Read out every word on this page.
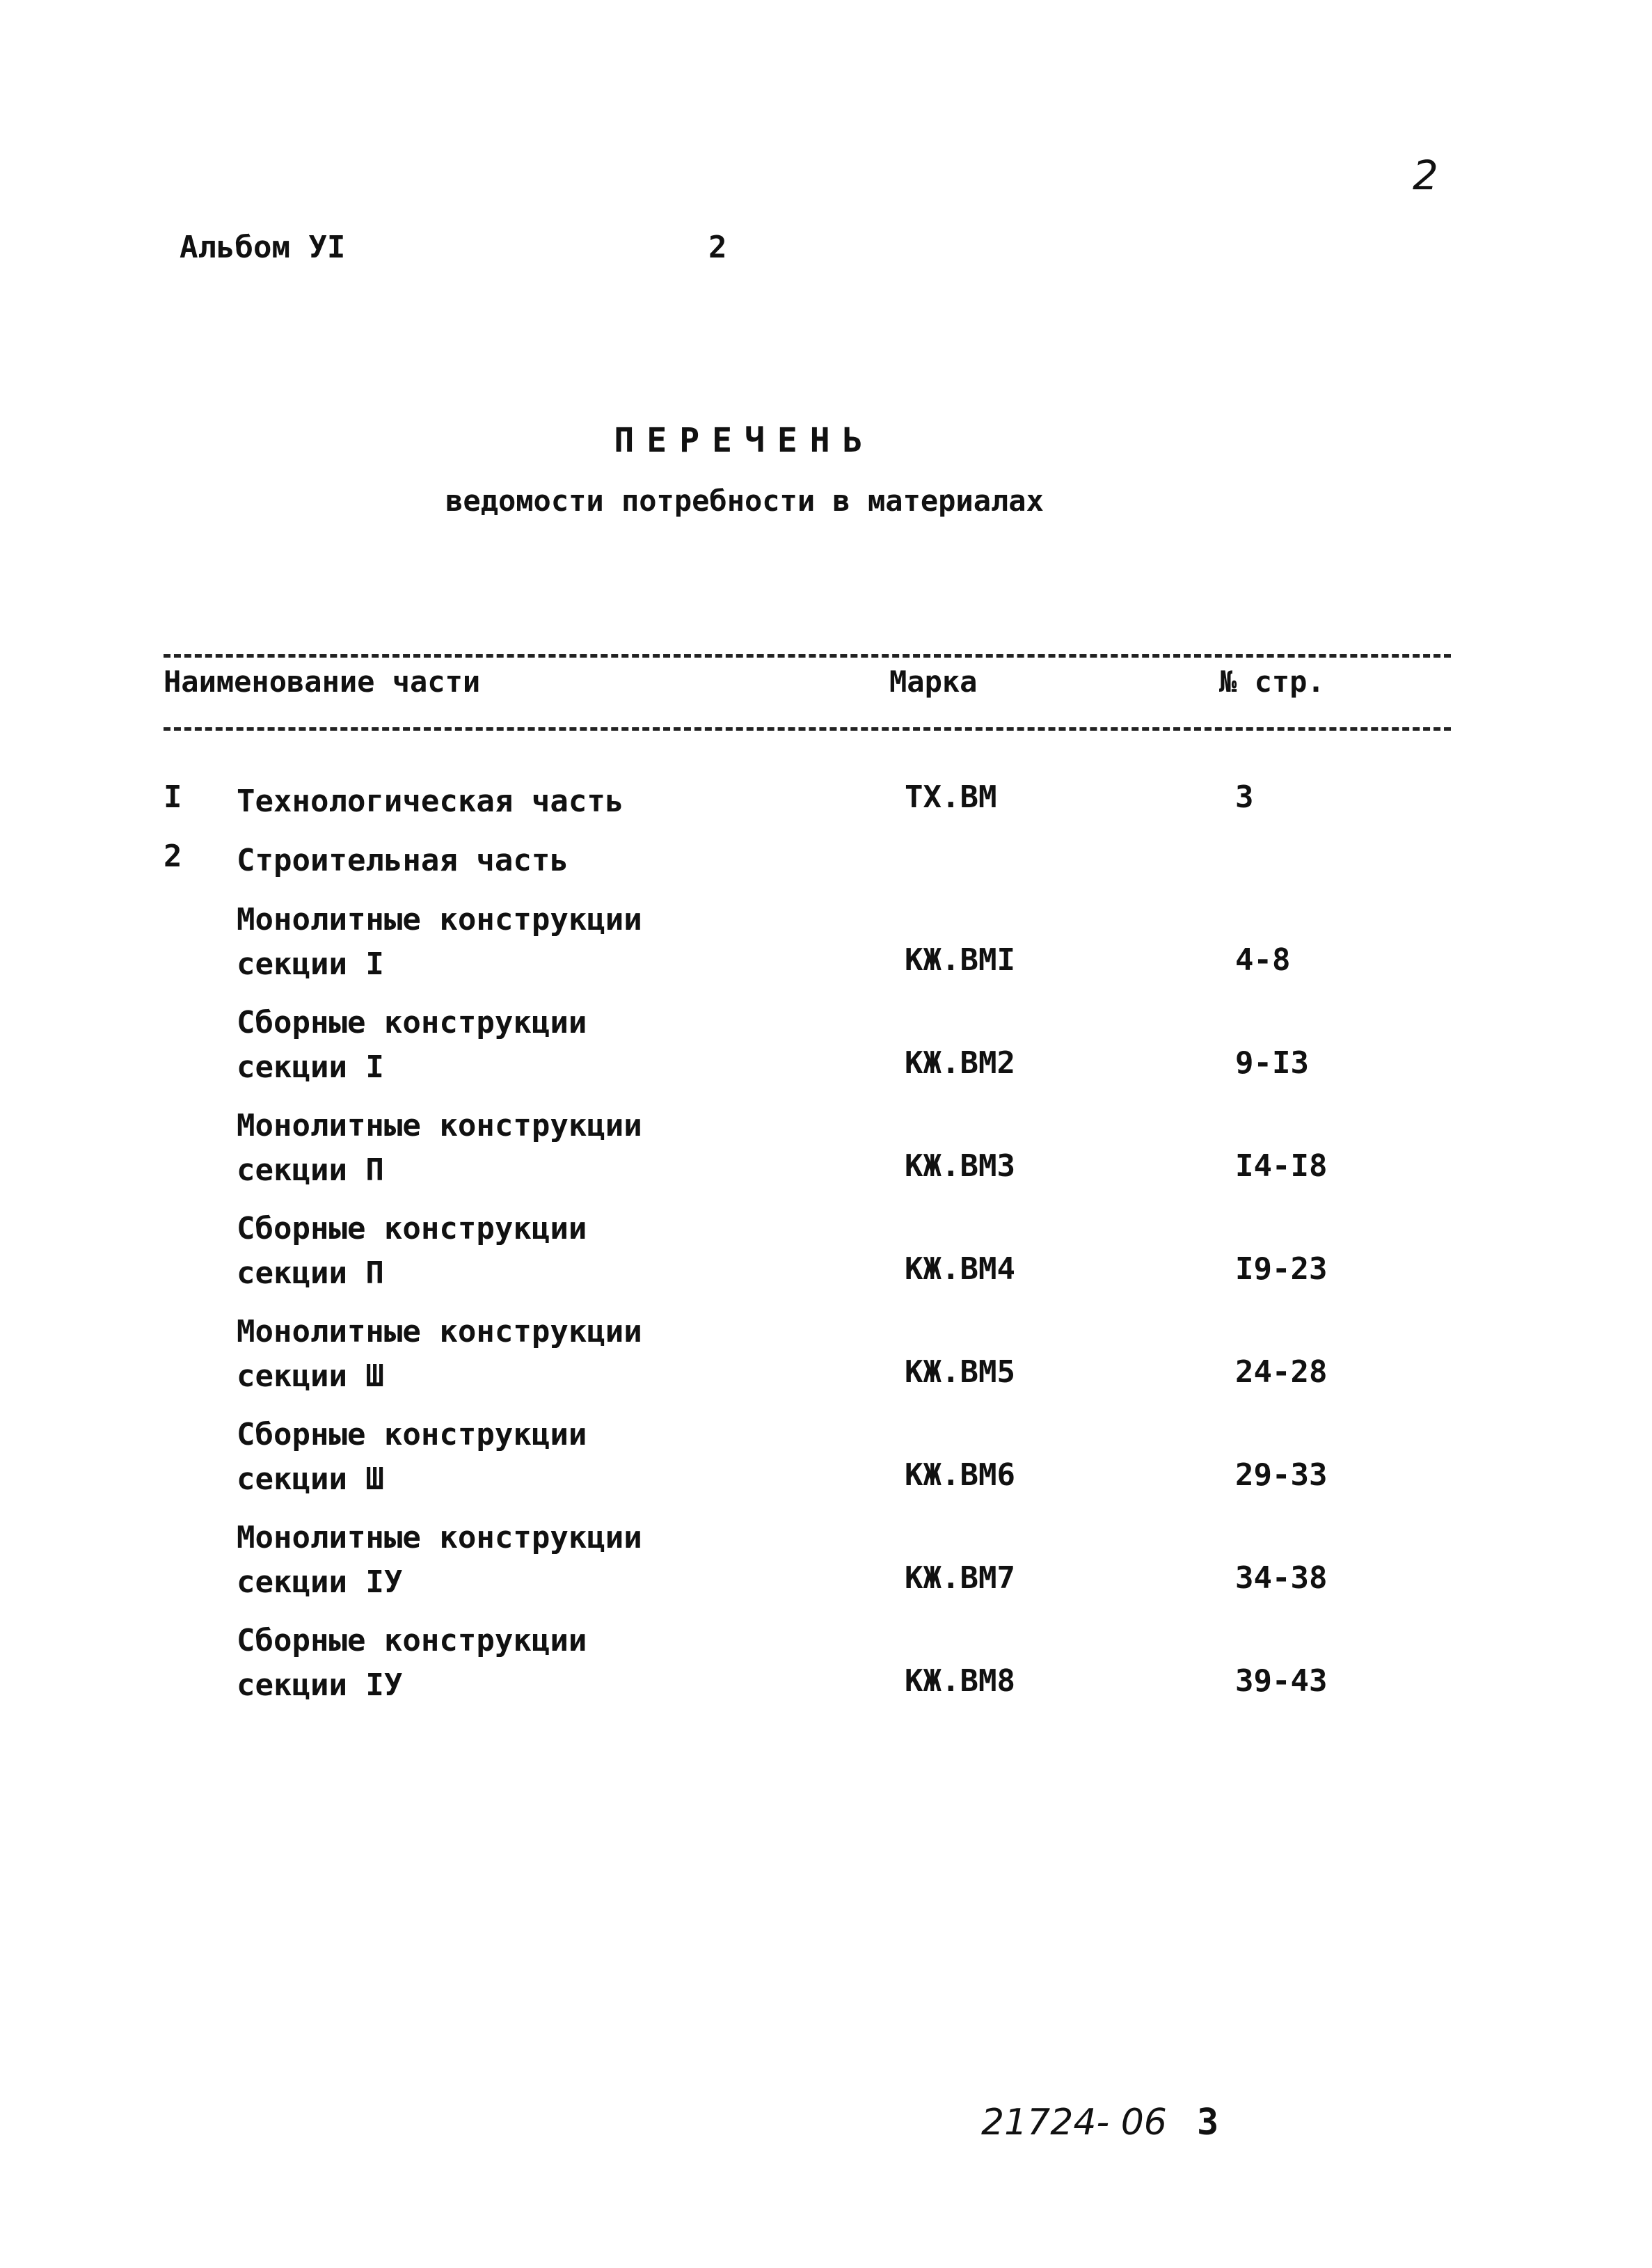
2
Альбом УI	2
ПЕРЕЧЕНЬ
ведомости потребности в материалах
Наименование части	Марка	№ стр.
I Технологическая часть	ТХ.ВМ	3
2 Строительная часть
Монолитные конструкции
секции I	КЖ.ВМI	4-8
Сборные конструкции
секции I	КЖ.ВМ2	9-I3
Монолитные конструкции
секции П	КЖ.ВМ3	I4-I8
Сборные конструкции
секции П	КЖ.ВМ4	I9-23
Монолитные конструкции
секции Ш	КЖ.ВМ5	24-28
Сборные конструкции
секции Ш	КЖ.ВМ6	29-33
Монолитные конструкции
секции IУ	КЖ.ВМ7	34-38
Сборные конструкции
секции IУ	КЖ.ВМ8	39-43
21724- 06 3
